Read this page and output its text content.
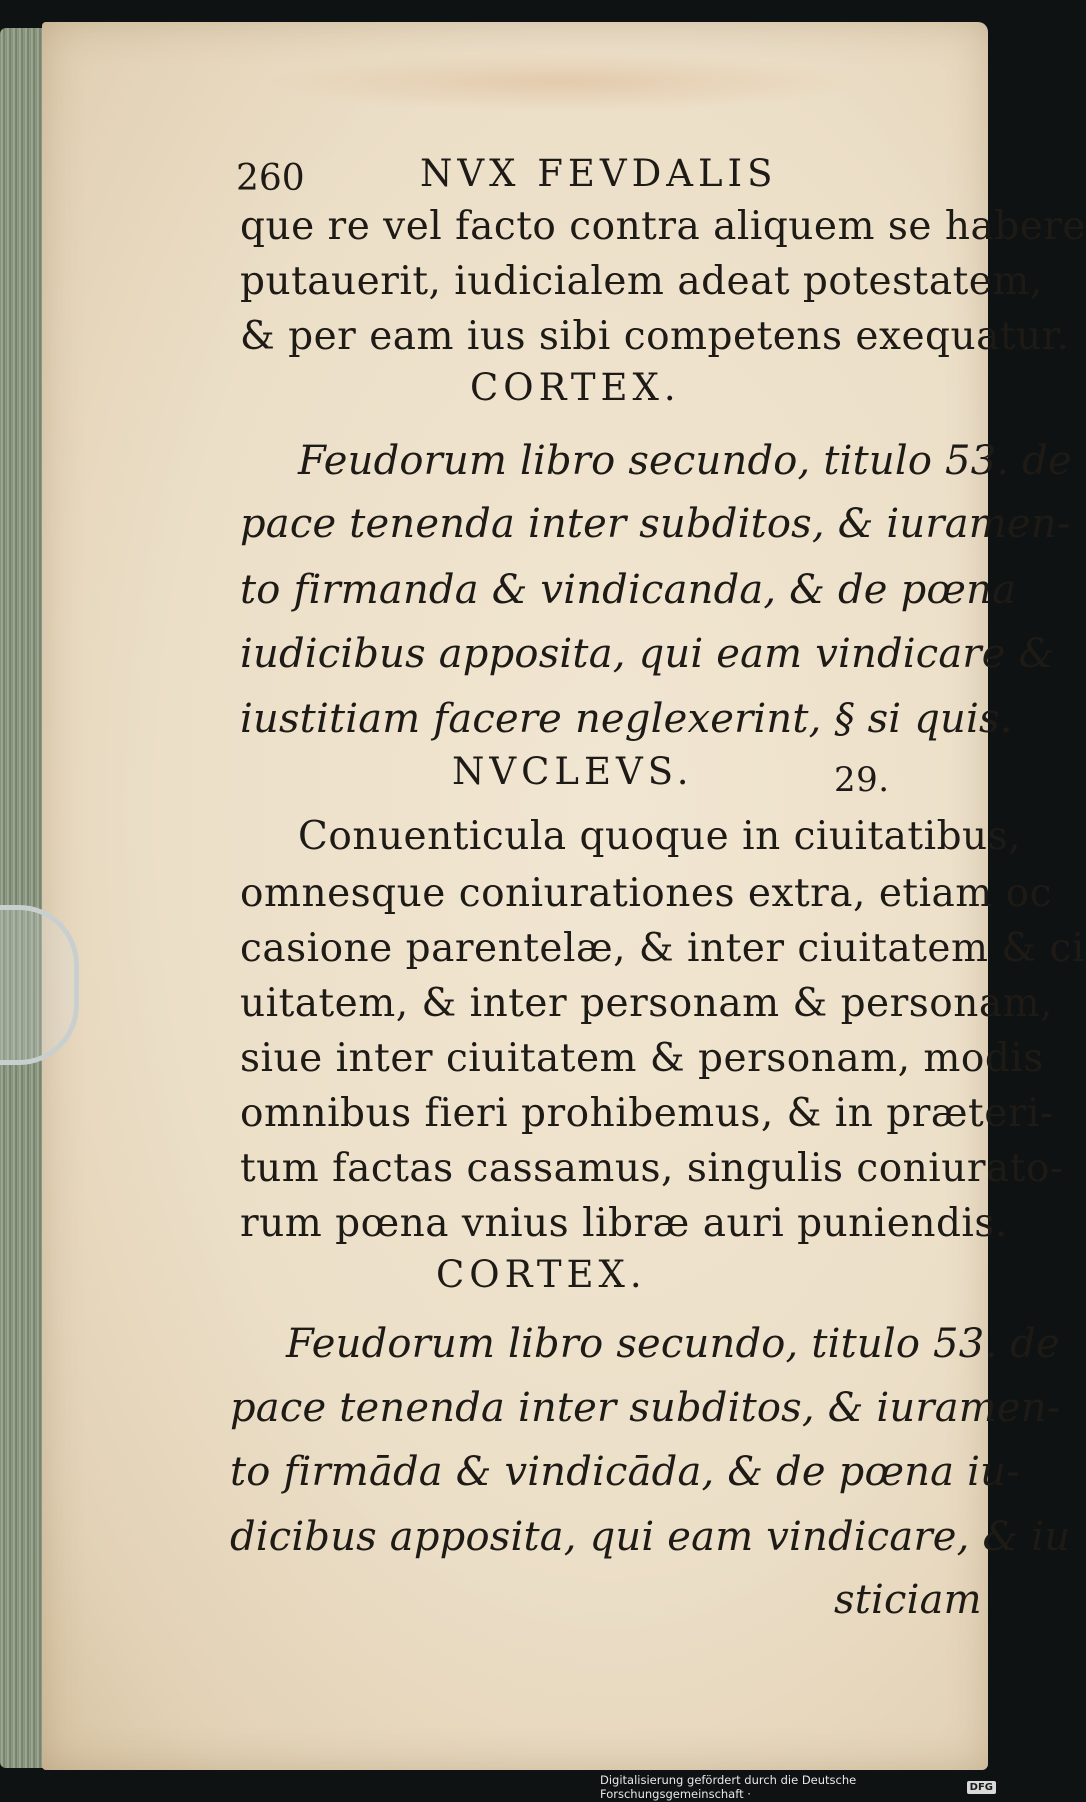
260	NVX FEVDALIS
que re vel facto contra aliquem se habere
putauerit, iudicialem adeat potestatem,
& per eam ius sibi competens exequatur.
CORTEX.
Feudorum libro secundo, titulo 53. de
pace tenenda inter subditos, & iuramen-
to firmanda & vindicanda, & de pœna
iudicibus apposita, qui eam vindicare &
iustitiam facere neglexerint, § si quis.
NVCLEVS.	29.
Conuenticula quoque in ciuitatibus,
omnesque coniurationes extra, etiam oc
casione parentelæ, & inter ciuitatem & ci
uitatem, & inter personam & personam,
siue inter ciuitatem & personam, modis
omnibus fieri prohibemus, & in præteri-
tum factas cassamus, singulis coniurato-
rum pœna vnius libræ auri puniendis.
CORTEX.
Feudorum libro secundo, titulo 53. de
pace tenenda inter subditos, & iuramen-
to firmāda & vindicāda, & de pœna iu-
dicibus apposita, qui eam vindicare, & iu
sticiam
Digitalisierung gefördert durch die Deutsche Forschungsgemeinschaft ·	DFG
